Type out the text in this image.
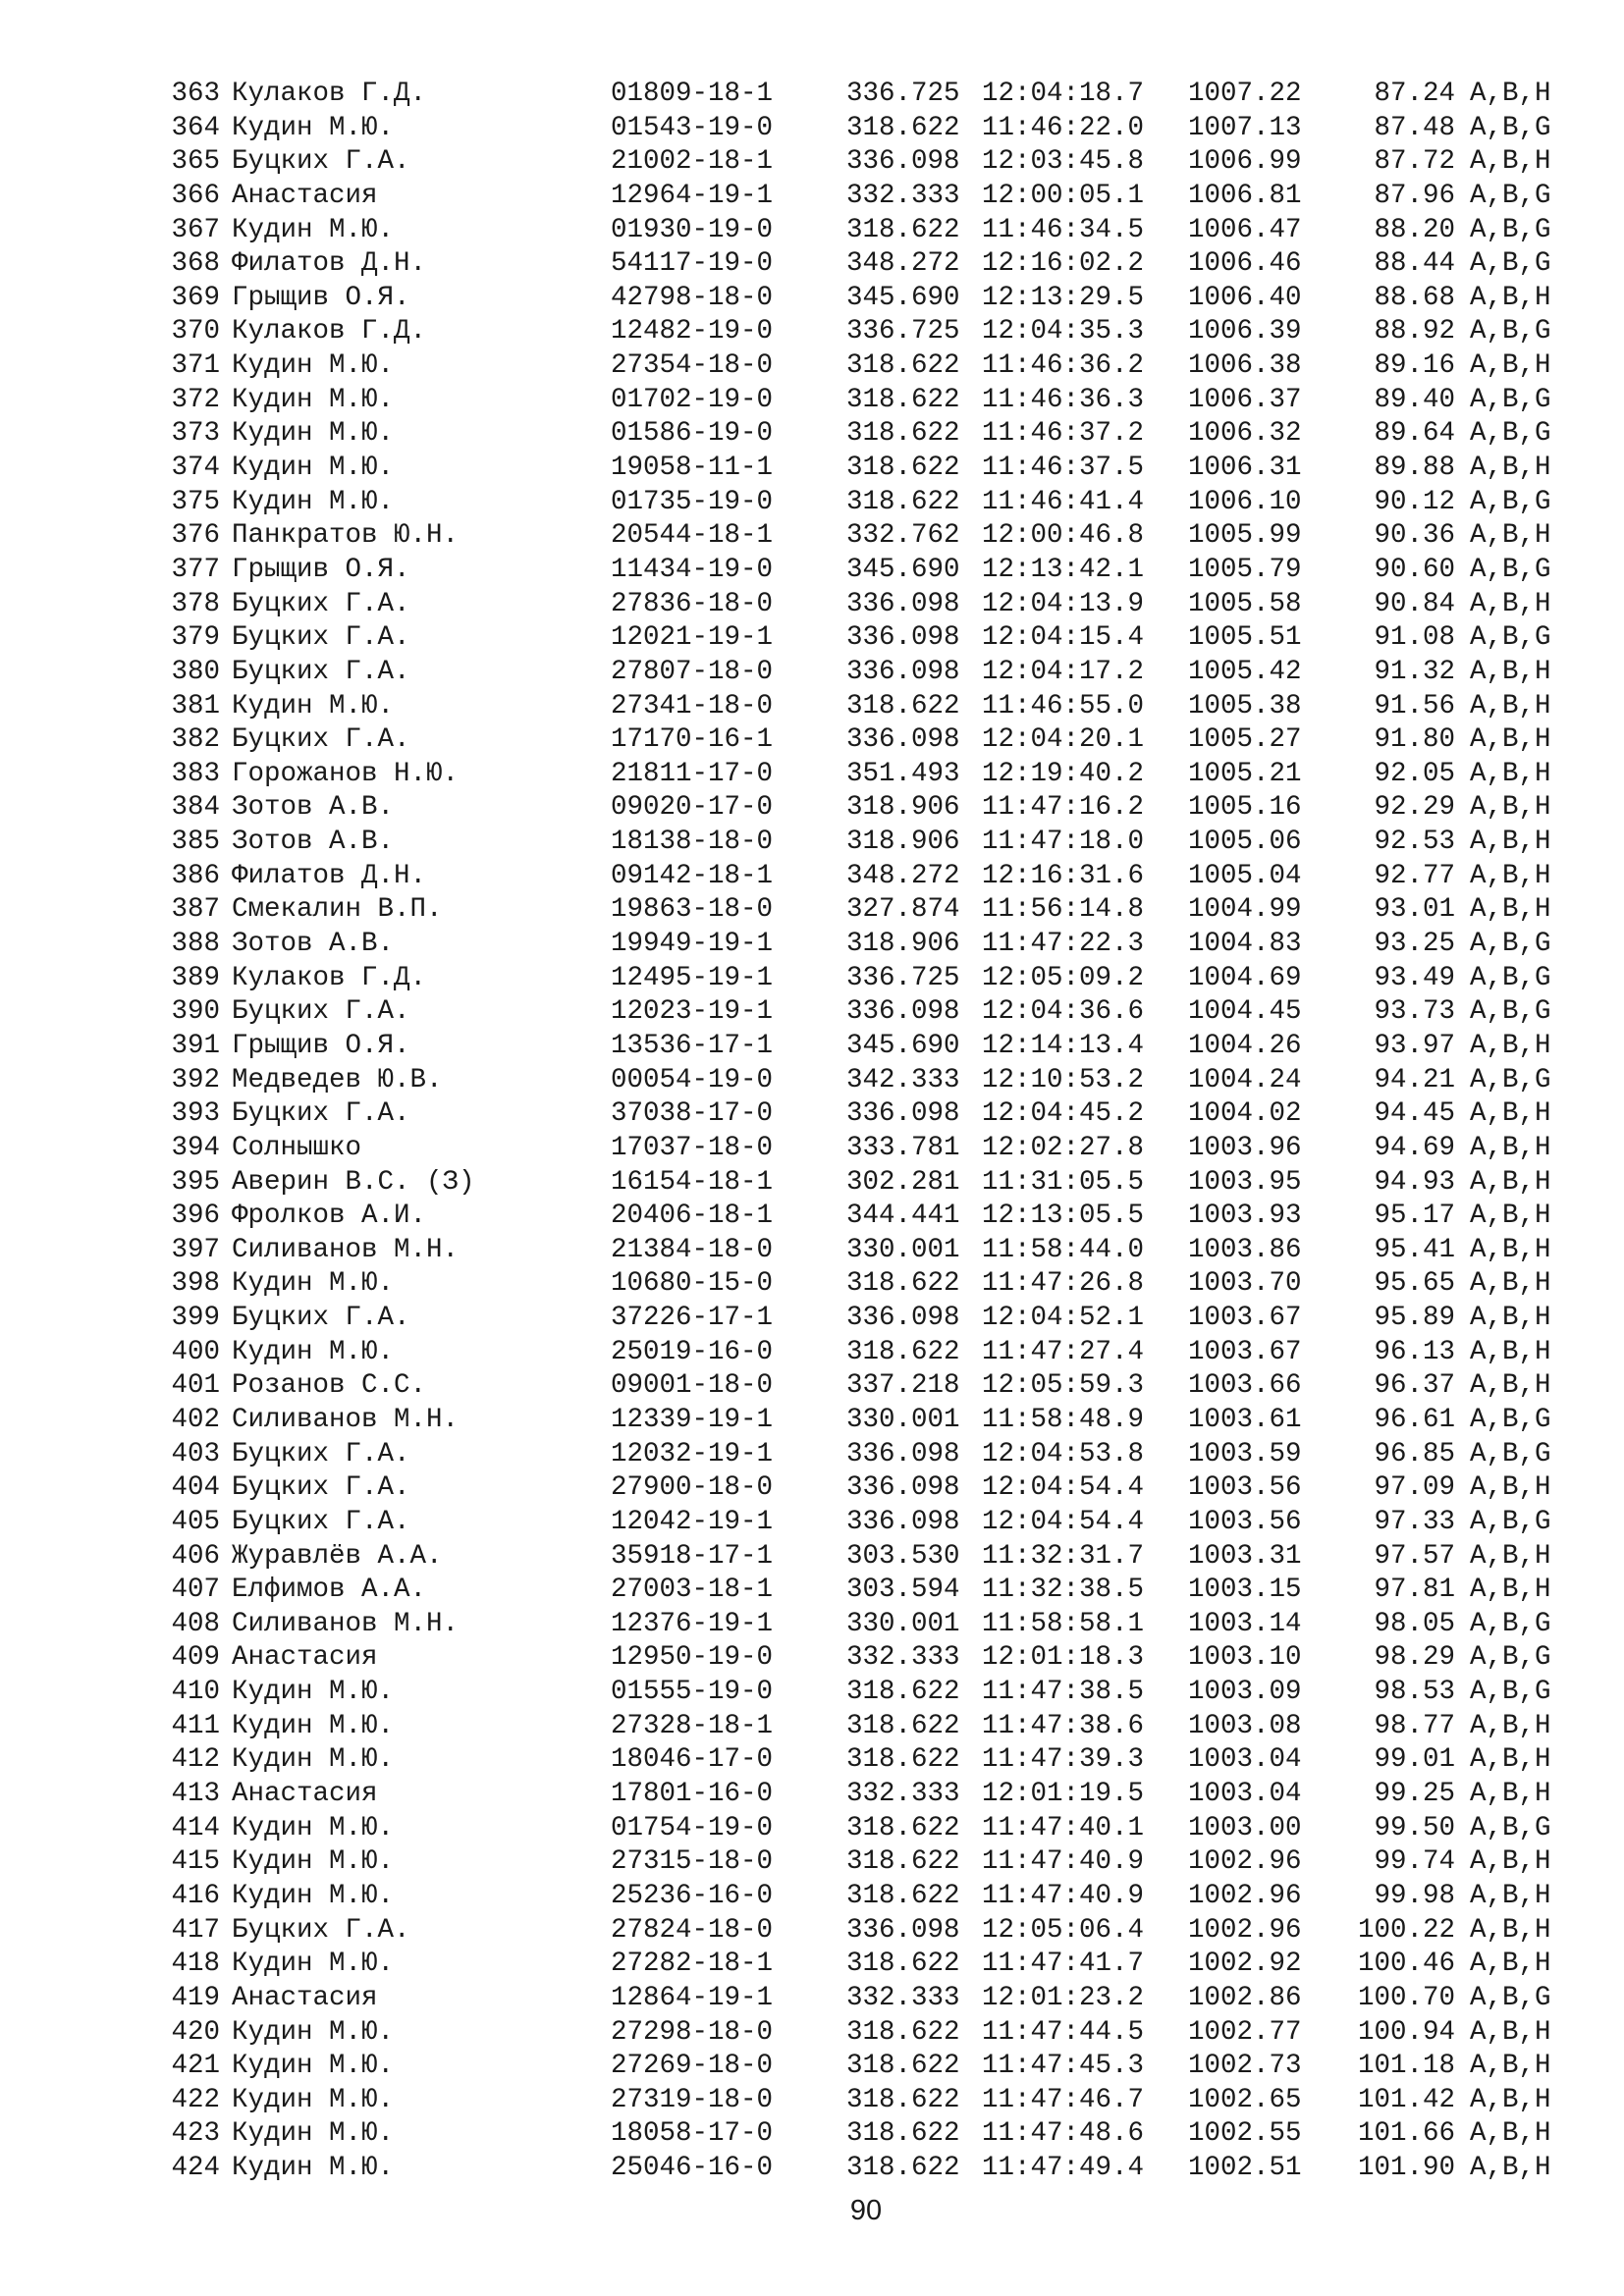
363 Кулаков Г.Д.	01809-18-1	336.725 12:04:18.7 1007.22	87.24 A,B,H
364 Кудин М.Ю.	01543-19-0	318.622 11:46:22.0 1007.13	87.48 A,B,G
365 Буцких Г.А.	21002-18-1	336.098 12:03:45.8 1006.99	87.72 A,B,H
366 Анастасия	12964-19-1	332.333 12:00:05.1 1006.81	87.96 A,B,G
367 Кудин М.Ю.	01930-19-0	318.622 11:46:34.5 1006.47	88.20 A,B,G
368 Филатов Д.Н.	54117-19-0	348.272 12:16:02.2 1006.46	88.44 A,B,G
369 Грыщив О.Я.	42798-18-0	345.690 12:13:29.5 1006.40	88.68 A,B,H
370 Кулаков Г.Д.	12482-19-0	336.725 12:04:35.3 1006.39	88.92 A,B,G
371 Кудин М.Ю.	27354-18-0	318.622 11:46:36.2 1006.38	89.16 A,B,H
372 Кудин М.Ю.	01702-19-0	318.622 11:46:36.3 1006.37	89.40 A,B,G
373 Кудин М.Ю.	01586-19-0	318.622 11:46:37.2 1006.32	89.64 A,B,G
374 Кудин М.Ю.	19058-11-1	318.622 11:46:37.5 1006.31	89.88 A,B,H
375 Кудин М.Ю.	01735-19-0	318.622 11:46:41.4 1006.10	90.12 A,B,G
376 Панкратов Ю.Н.	20544-18-1	332.762 12:00:46.8 1005.99	90.36 A,B,H
377 Грыщив О.Я.	11434-19-0	345.690 12:13:42.1 1005.79	90.60 A,B,G
378 Буцких Г.А.	27836-18-0	336.098 12:04:13.9 1005.58	90.84 A,B,H
379 Буцких Г.А.	12021-19-1	336.098 12:04:15.4 1005.51	91.08 A,B,G
380 Буцких Г.А.	27807-18-0	336.098 12:04:17.2 1005.42	91.32 A,B,H
381 Кудин М.Ю.	27341-18-0	318.622 11:46:55.0 1005.38	91.56 A,B,H
382 Буцких Г.А.	17170-16-1	336.098 12:04:20.1 1005.27	91.80 A,B,H
383 Горожанов Н.Ю.	21811-17-0	351.493 12:19:40.2 1005.21	92.05 A,B,H
384 Зотов А.В.	09020-17-0	318.906 11:47:16.2 1005.16	92.29 A,B,H
385 Зотов А.В.	18138-18-0	318.906 11:47:18.0 1005.06	92.53 A,B,H
386 Филатов Д.Н.	09142-18-1	348.272 12:16:31.6 1005.04	92.77 A,B,H
387 Смекалин В.П.	19863-18-0	327.874 11:56:14.8 1004.99	93.01 A,B,H
388 Зотов А.В.	19949-19-1	318.906 11:47:22.3 1004.83	93.25 A,B,G
389 Кулаков Г.Д.	12495-19-1	336.725 12:05:09.2 1004.69	93.49 A,B,G
390 Буцких Г.А.	12023-19-1	336.098 12:04:36.6 1004.45	93.73 A,B,G
391 Грыщив О.Я.	13536-17-1	345.690 12:14:13.4 1004.26	93.97 A,B,H
392 Медведев Ю.В.	00054-19-0	342.333 12:10:53.2 1004.24	94.21 A,B,G
393 Буцких Г.А.	37038-17-0	336.098 12:04:45.2 1004.02	94.45 A,B,H
394 Солнышко	17037-18-0	333.781 12:02:27.8 1003.96	94.69 A,B,H
395 Аверин В.С. (З)	16154-18-1	302.281 11:31:05.5 1003.95	94.93 A,B,H
396 Фролков А.И.	20406-18-1	344.441 12:13:05.5 1003.93	95.17 A,B,H
397 Силиванов М.Н.	21384-18-0	330.001 11:58:44.0 1003.86	95.41 A,B,H
398 Кудин М.Ю.	10680-15-0	318.622 11:47:26.8 1003.70	95.65 A,B,H
399 Буцких Г.А.	37226-17-1	336.098 12:04:52.1 1003.67	95.89 A,B,H
400 Кудин М.Ю.	25019-16-0	318.622 11:47:27.4 1003.67	96.13 A,B,H
401 Розанов С.С.	09001-18-0	337.218 12:05:59.3 1003.66	96.37 A,B,H
402 Силиванов М.Н.	12339-19-1	330.001 11:58:48.9 1003.61	96.61 A,B,G
403 Буцких Г.А.	12032-19-1	336.098 12:04:53.8 1003.59	96.85 A,B,G
404 Буцких Г.А.	27900-18-0	336.098 12:04:54.4 1003.56	97.09 A,B,H
405 Буцких Г.А.	12042-19-1	336.098 12:04:54.4 1003.56	97.33 A,B,G
406 Журавлёв А.А.	35918-17-1	303.530 11:32:31.7 1003.31	97.57 A,B,H
407 Елфимов А.А.	27003-18-1	303.594 11:32:38.5 1003.15	97.81 A,B,H
408 Силиванов М.Н.	12376-19-1	330.001 11:58:58.1 1003.14	98.05 A,B,G
409 Анастасия	12950-19-0	332.333 12:01:18.3 1003.10	98.29 A,B,G
410 Кудин М.Ю.	01555-19-0	318.622 11:47:38.5 1003.09	98.53 A,B,G
411 Кудин М.Ю.	27328-18-1	318.622 11:47:38.6 1003.08	98.77 A,B,H
412 Кудин М.Ю.	18046-17-0	318.622 11:47:39.3 1003.04	99.01 A,B,H
413 Анастасия	17801-16-0	332.333 12:01:19.5 1003.04	99.25 A,B,H
414 Кудин М.Ю.	01754-19-0	318.622 11:47:40.1 1003.00	99.50 A,B,G
415 Кудин М.Ю.	27315-18-0	318.622 11:47:40.9 1002.96	99.74 A,B,H
416 Кудин М.Ю.	25236-16-0	318.622 11:47:40.9 1002.96	99.98 A,B,H
417 Буцких Г.А.	27824-18-0	336.098 12:05:06.4 1002.96	100.22 A,B,H
418 Кудин М.Ю.	27282-18-1	318.622 11:47:41.7 1002.92	100.46 A,B,H
419 Анастасия	12864-19-1	332.333 12:01:23.2 1002.86	100.70 A,B,G
420 Кудин М.Ю.	27298-18-0	318.622 11:47:44.5 1002.77	100.94 A,B,H
421 Кудин М.Ю.	27269-18-0	318.622 11:47:45.3 1002.73	101.18 A,B,H
422 Кудин М.Ю.	27319-18-0	318.622 11:47:46.7 1002.65	101.42 A,B,H
423 Кудин М.Ю.	18058-17-0	318.622 11:47:48.6 1002.55	101.66 A,B,H
424 Кудин М.Ю.	25046-16-0	318.622 11:47:49.4 1002.51	101.90 A,B,H
90
